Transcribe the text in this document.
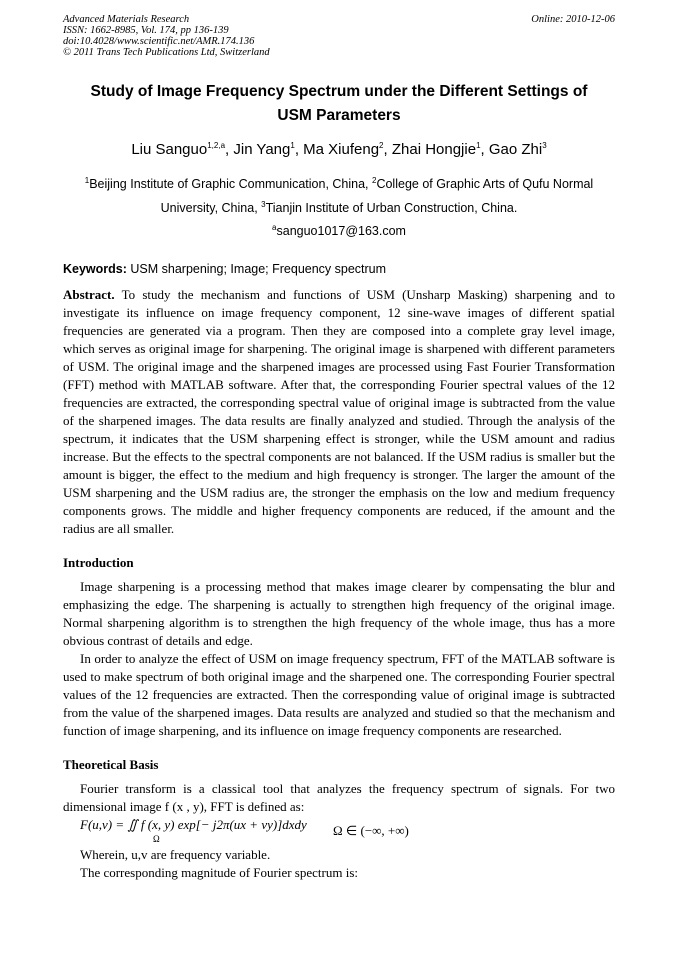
Advanced Materials Research
ISSN: 1662-8985, Vol. 174, pp 136-139
doi:10.4028/www.scientific.net/AMR.174.136
© 2011 Trans Tech Publications Ltd, Switzerland
Online: 2010-12-06
Study of Image Frequency Spectrum under the Different Settings of
USM Parameters
Liu Sanguo$^{1,2,a}$, Jin Yang$^1$, Ma Xiufeng$^2$, Zhai Hongjie$^1$, Gao Zhi$^3$
$^1$Beijing Institute of Graphic Communication, China, $^2$College of Graphic Arts of Qufu Normal University, China, $^3$Tianjin Institute of Urban Construction, China.
$^a$sanguo1017@163.com
Keywords: USM sharpening; Image; Frequency spectrum

Abstract. To study the mechanism and functions of USM (Unsharp Masking) sharpening and to investigate its influence on image frequency component, 12 sine-wave images of different spatial frequencies are generated via a program. Then they are composed into a complete gray level image, which serves as original image for sharpening. The original image is sharpened with different parameters of USM. The original image and the sharpened images are processed using Fast Fourier Transformation (FFT) method with MATLAB software. After that, the corresponding Fourier spectral values of the 12 frequencies are extracted, the corresponding spectral value of original image is subtracted from the value of the sharpened images. The data results are finally analyzed and studied. Through the analysis of the spectrum, it indicates that the USM sharpening effect is stronger, while the USM amount and radius increase. But the effects to the spectral components are not balanced. If the USM radius is smaller but the amount is bigger, the effect to the medium and high frequency is stronger. The larger the amount of the USM sharpening and the USM radius are, the stronger the emphasis on the low and medium frequency components grows. The middle and higher frequency components are reduced, if the amount and the radius are all smaller.

Introduction

Image sharpening is a processing method that makes image clearer by compensating the blur and emphasizing the edge. The sharpening is actually to strengthen high frequency of the original image. Normal sharpening algorithm is to strengthen the high frequency of the whole image, thus has a more obvious contrast of details and edge.

In order to analyze the effect of USM on image frequency spectrum, FFT of the MATLAB software is used to make spectrum of both original image and the sharpened one. The corresponding Fourier spectral values of the 12 frequencies are extracted. Then the corresponding value of original image is subtracted from the value of the sharpened images. Data results are analyzed and studied so that the mechanism and function of image sharpening, and its influence on image frequency components are researched.

Theoretical Basis

Fourier transform is a classical tool that analyzes the frequency spectrum of signals. For two dimensional image f (x , y), FFT is defined as:

F(u,v) = ∬ f (x, y) exp[− j2π(ux + vy)]dxdy
Ω
Ω ∈ (−∞, +∞)

Wherein, u,v are frequency variable.

The corresponding magnitude of Fourier spectrum is:
